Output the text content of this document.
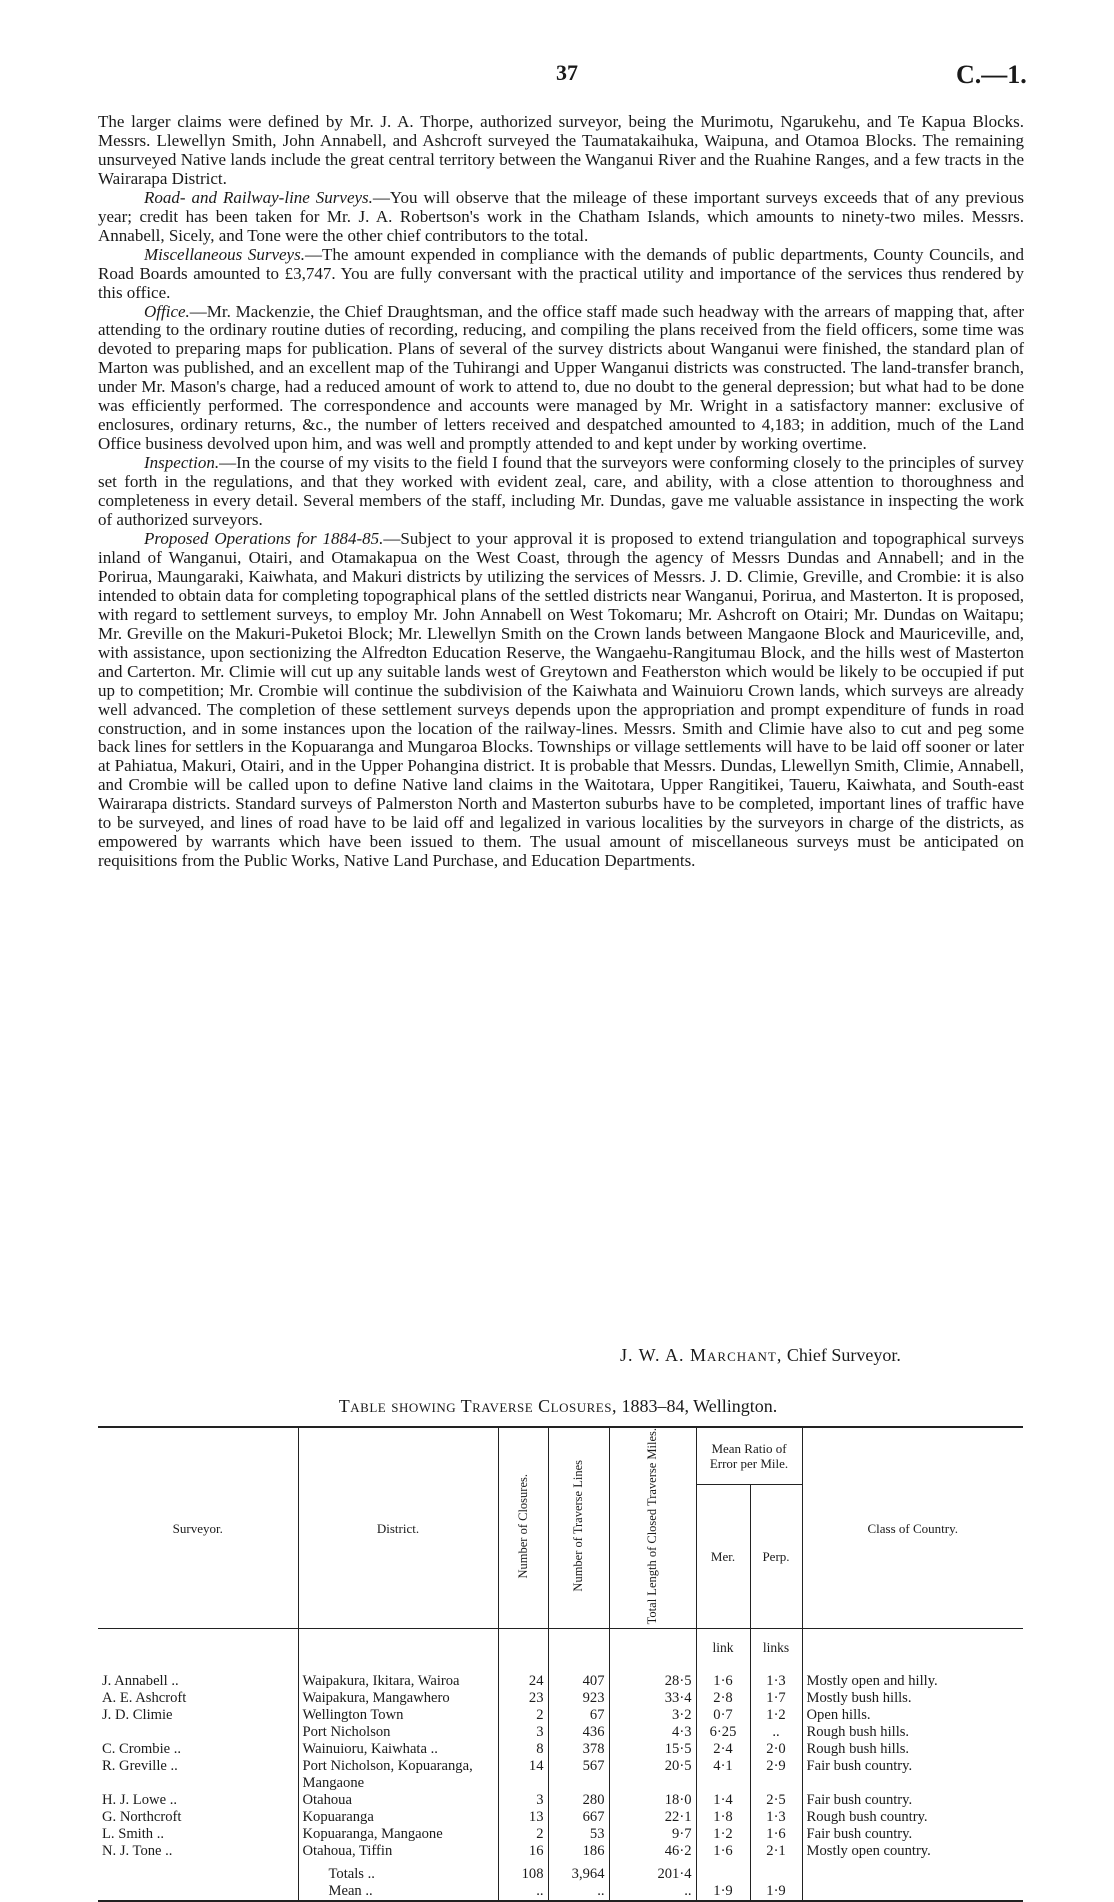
37	C.—1.

The larger claims were defined by Mr. J. A. Thorpe, authorized surveyor, being the Murimotu, Ngarukehu, and Te Kapua Blocks. Messrs. Llewellyn Smith, John Annabell, and Ashcroft surveyed the Taumatakaihuka, Waipuna, and Otamoa Blocks. The remaining unsurveyed Native lands include the great central territory between the Wanganui River and the Ruahine Ranges, and a few tracts in the Wairarapa District.

Road- and Railway-line Surveys.—You will observe that the mileage of these important surveys exceeds that of any previous year; credit has been taken for Mr. J. A. Robertson's work in the Chatham Islands, which amounts to ninety-two miles. Messrs. Annabell, Sicely, and Tone were the other chief contributors to the total.

Miscellaneous Surveys.—The amount expended in compliance with the demands of public departments, County Councils, and Road Boards amounted to £3,747. You are fully conversant with the practical utility and importance of the services thus rendered by this office.

Office.—Mr. Mackenzie, the Chief Draughtsman, and the office staff made such headway with the arrears of mapping that, after attending to the ordinary routine duties of recording, reducing, and compiling the plans received from the field officers, some time was devoted to preparing maps for publication. Plans of several of the survey districts about Wanganui were finished, the standard plan of Marton was published, and an excellent map of the Tuhirangi and Upper Wanganui districts was constructed. The land-transfer branch, under Mr. Mason's charge, had a reduced amount of work to attend to, due no doubt to the general depression; but what had to be done was efficiently performed. The correspondence and accounts were managed by Mr. Wright in a satisfactory manner: exclusive of enclosures, ordinary returns, &c., the number of letters received and despatched amounted to 4,183; in addition, much of the Land Office business devolved upon him, and was well and promptly attended to and kept under by working overtime.

Inspection.—In the course of my visits to the field I found that the surveyors were conforming closely to the principles of survey set forth in the regulations, and that they worked with evident zeal, care, and ability, with a close attention to thoroughness and completeness in every detail. Several members of the staff, including Mr. Dundas, gave me valuable assistance in inspecting the work of authorized surveyors.

Proposed Operations for 1884-85.—Subject to your approval it is proposed to extend triangulation and topographical surveys inland of Wanganui, Otairi, and Otamakapua on the West Coast, through the agency of Messrs Dundas and Annabell; and in the Porirua, Maungaraki, Kaiwhata, and Makuri districts by utilizing the services of Messrs. J. D. Climie, Greville, and Crombie: it is also intended to obtain data for completing topographical plans of the settled districts near Wanganui, Porirua, and Masterton. It is proposed, with regard to settlement surveys, to employ Mr. John Annabell on West Tokomaru; Mr. Ashcroft on Otairi; Mr. Dundas on Waitapu; Mr. Greville on the Makuri-Puketoi Block; Mr. Llewellyn Smith on the Crown lands between Mangaone Block and Mauriceville, and, with assistance, upon sectionizing the Alfredton Education Reserve, the Wangaehu-Rangitumau Block, and the hills west of Masterton and Carterton. Mr. Climie will cut up any suitable lands west of Greytown and Featherston which would be likely to be occupied if put up to competition; Mr. Crombie will continue the subdivision of the Kaiwhata and Wainuioru Crown lands, which surveys are already well advanced. The completion of these settlement surveys depends upon the appropriation and prompt expenditure of funds in road construction, and in some instances upon the location of the railway-lines. Messrs. Smith and Climie have also to cut and peg some back lines for settlers in the Kopuaranga and Mungaroa Blocks. Townships or village settlements will have to be laid off sooner or later at Pahiatua, Makuri, Otairi, and in the Upper Pohangina district. It is probable that Messrs. Dundas, Llewellyn Smith, Climie, Annabell, and Crombie will be called upon to define Native land claims in the Waitotara, Upper Rangitikei, Taueru, Kaiwhata, and South-east Wairarapa districts. Standard surveys of Palmerston North and Masterton suburbs have to be completed, important lines of traffic have to be surveyed, and lines of road have to be laid off and legalized in various localities by the surveyors in charge of the districts, as empowered by warrants which have been issued to them. The usual amount of miscellaneous surveys must be anticipated on requisitions from the Public Works, Native Land Purchase, and Education Departments.

J. W. A. Marchant, Chief Surveyor.
Table showing Traverse Closures, 1883–84, Wellington.
Surveyor.	District.	Number of Closures.	Number of Traverse Lines	Total Length of Closed Traverse Miles.	Mean Ratio of Error per Mile.		Class of Country.
					Mer.	Perp.	
					link	links	
J. Annabell ..	Waipakura, Ikitara, Wairoa	24	407	28·5	1·6	1·3	Mostly open and hilly.
A. E. Ashcroft	Waipakura, Mangawhero	23	923	33·4	2·8	1·7	Mostly bush hills.
J. D. Climie	Wellington Town	2	67	3·2	0·7	1·2	Open hills.
	Port Nicholson	3	436	4·3	6·25	..	Rough bush hills.
C. Crombie ..	Wainuioru, Kaiwhata ..	8	378	15·5	2·4	2·0	Rough bush hills.
R. Greville ..	Port Nicholson, Kopuaranga, Mangaone	14	567	20·5	4·1	2·9	Fair bush country.
H. J. Lowe ..	Otahoua	3	280	18·0	1·4	2·5	Fair bush country.
G. Northcroft	Kopuaranga	13	667	22·1	1·8	1·3	Rough bush country.
L. Smith ..	Kopuaranga, Mangaone	2	53	9·7	1·2	1·6	Fair bush country.
N. J. Tone ..	Otahoua, Tiffin	16	186	46·2	1·6	2·1	Mostly open country.
	Totals ..	108	3,964	201·4			
	Mean ..	..	..	..	1·9	1·9	
